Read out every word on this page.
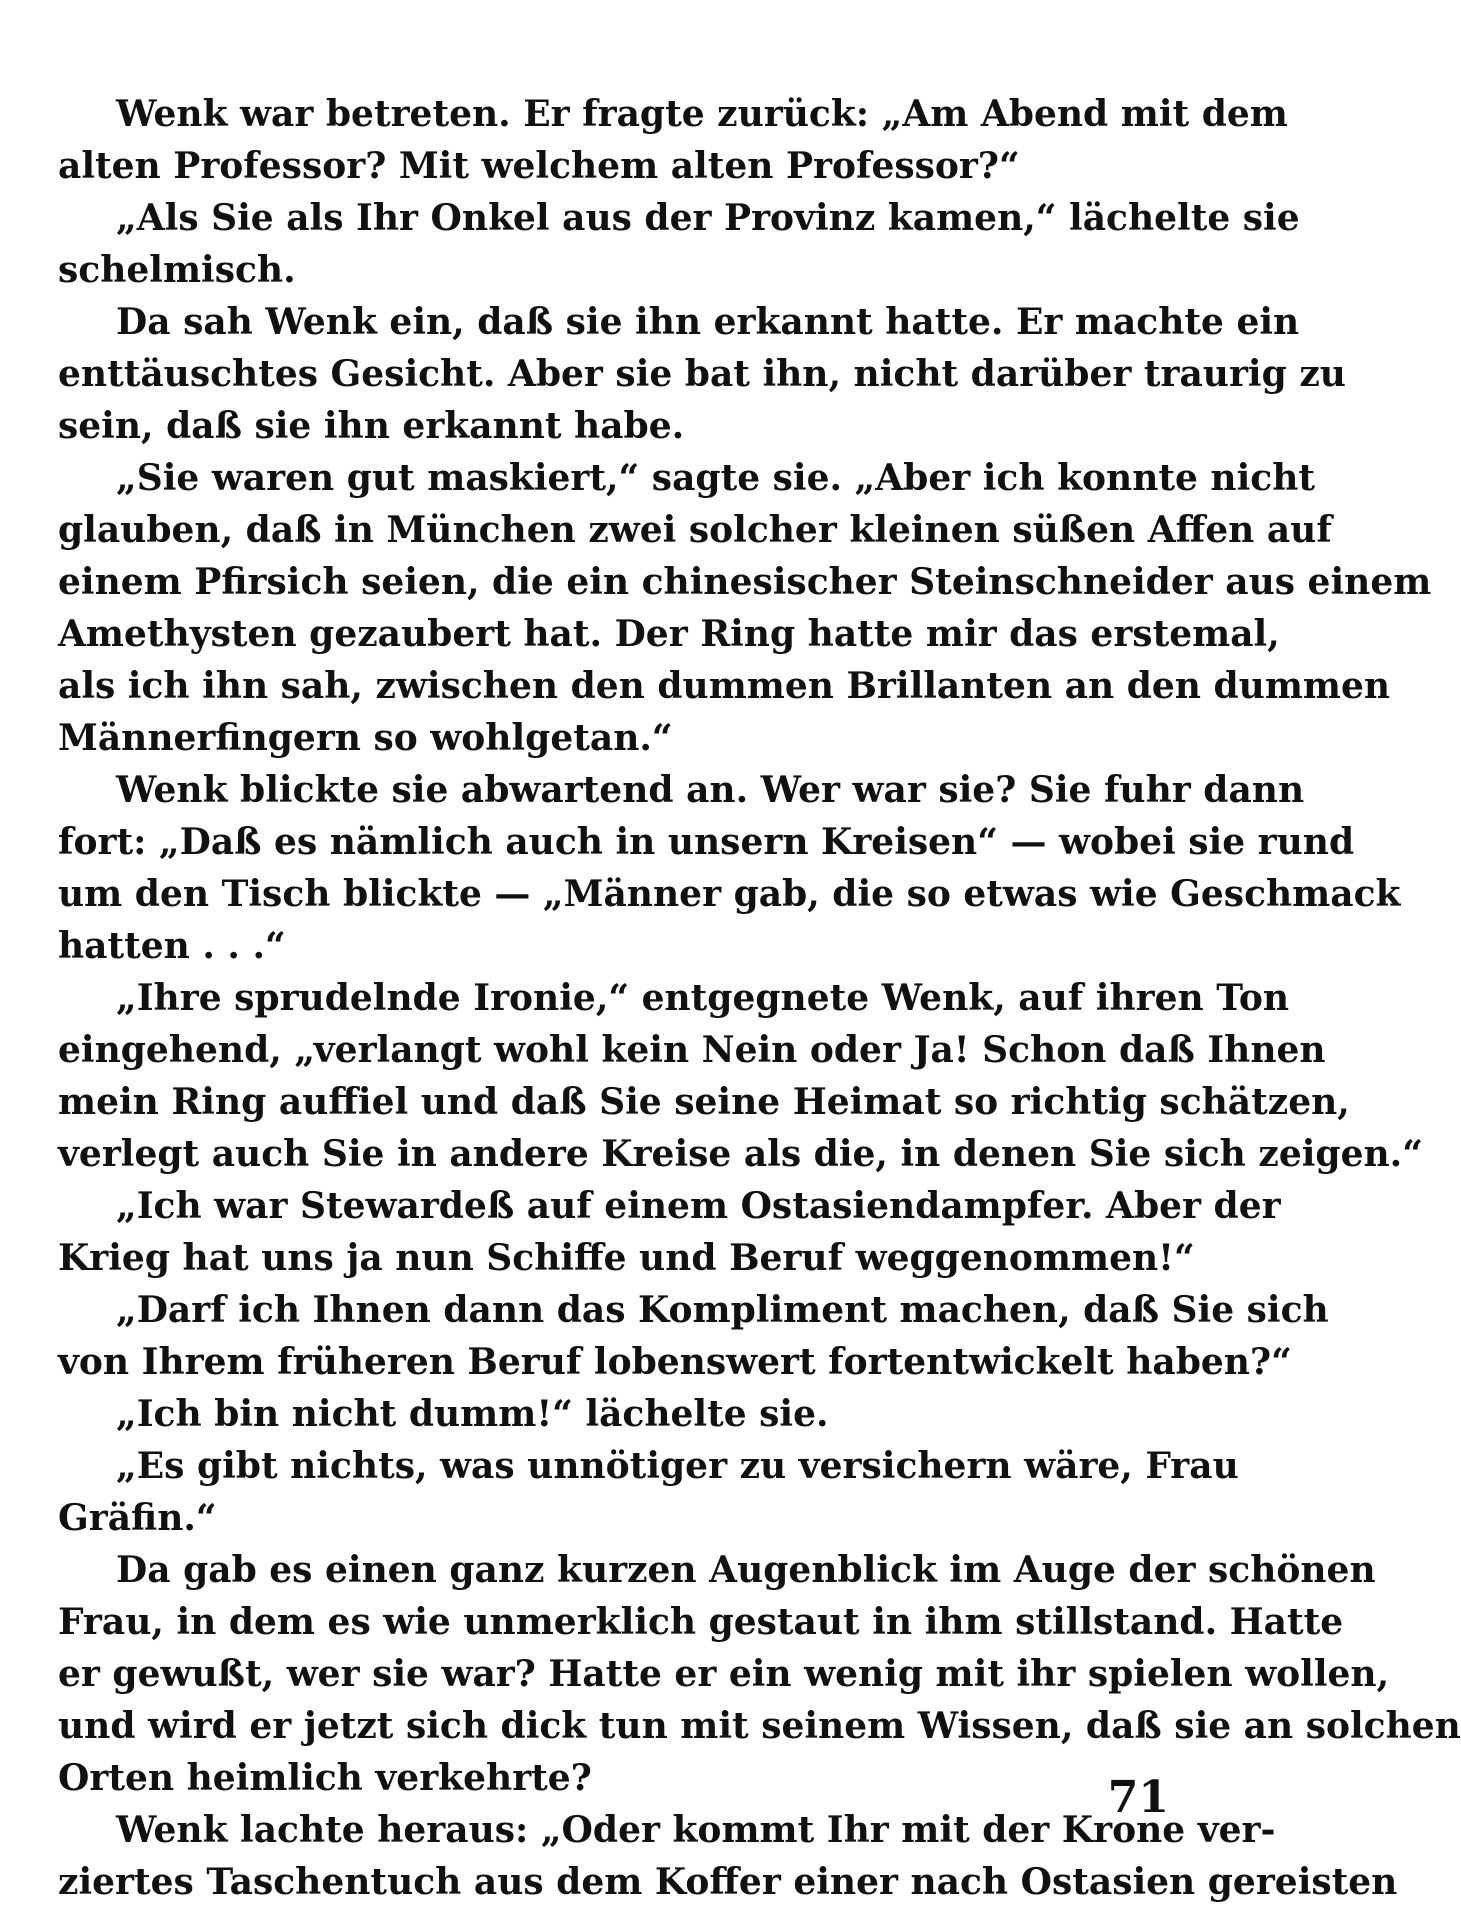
Wenk war betreten. Er fragte zurück: „Am Abend mit dem
alten Professor? Mit welchem alten Professor?“
„Als Sie als Ihr Onkel aus der Provinz kamen,“ lächelte sie
schelmisch.
Da sah Wenk ein, daß sie ihn erkannt hatte. Er machte ein
enttäuschtes Gesicht. Aber sie bat ihn, nicht darüber traurig zu
sein, daß sie ihn erkannt habe.
„Sie waren gut maskiert,“ sagte sie. „Aber ich konnte nicht
glauben, daß in München zwei solcher kleinen süßen Affen auf
einem Pfirsich seien, die ein chinesischer Steinschneider aus einem
Amethysten gezaubert hat. Der Ring hatte mir das erstemal,
als ich ihn sah, zwischen den dummen Brillanten an den dummen
Männerfingern so wohlgetan.“
Wenk blickte sie abwartend an. Wer war sie? Sie fuhr dann
fort: „Daß es nämlich auch in unsern Kreisen“ — wobei sie rund
um den Tisch blickte — „Männer gab, die so etwas wie Geschmack
hatten . . .“
„Ihre sprudelnde Ironie,“ entgegnete Wenk, auf ihren Ton
eingehend, „verlangt wohl kein Nein oder Ja! Schon daß Ihnen
mein Ring auffiel und daß Sie seine Heimat so richtig schätzen,
verlegt auch Sie in andere Kreise als die, in denen Sie sich zeigen.“
„Ich war Stewardeß auf einem Ostasiendampfer. Aber der
Krieg hat uns ja nun Schiffe und Beruf weggenommen!“
„Darf ich Ihnen dann das Kompliment machen, daß Sie sich
von Ihrem früheren Beruf lobenswert fortentwickelt haben?“
„Ich bin nicht dumm!“ lächelte sie.
„Es gibt nichts, was unnötiger zu versichern wäre, Frau
Gräfin.“
Da gab es einen ganz kurzen Augenblick im Auge der schönen
Frau, in dem es wie unmerklich gestaut in ihm stillstand. Hatte
er gewußt, wer sie war? Hatte er ein wenig mit ihr spielen wollen,
und wird er jetzt sich dick tun mit seinem Wissen, daß sie an solchen
Orten heimlich verkehrte?
Wenk lachte heraus: „Oder kommt Ihr mit der Krone ver-
ziertes Taschentuch aus dem Koffer einer nach Ostasien gereisten
71
